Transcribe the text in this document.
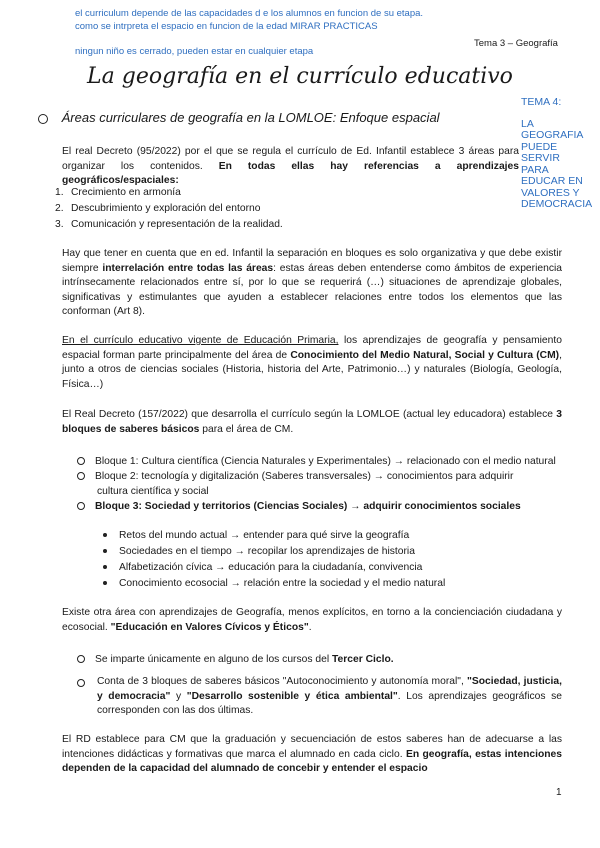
el curriculum depende de las capacidades d e los alumnos en funcion de su etapa.
como se intrpreta el espacio en funcion de la edad MIRAR PRACTICAS
ningun niño es cerrado, pueden estar en cualquier etapa
Tema 3 – Geografía
La geografía en el currículo educativo
Áreas curriculares de geografía en la LOMLOE: Enfoque espacial
TEMA 4:
LA
GEOGRAFIA
PUEDE
SERVIR
PARA
EDUCAR EN
VALORES Y
DEMOCRACIA
El real Decreto (95/2022) por el que se regula el currículo de Ed. Infantil establece 3 áreas para organizar los contenidos. En todas ellas hay referencias a aprendizajes geográficos/espaciales:
1. Crecimiento en armonía
2. Descubrimiento y exploración del entorno
3. Comunicación y representación de la realidad.
Hay que tener en cuenta que en ed. Infantil la separación en bloques es solo organizativa y que debe existir siempre interrelación entre todas las áreas: estas áreas deben entenderse como ámbitos de experiencia intrínsecamente relacionados entre sí, por lo que se requerirá (…) situaciones de aprendizaje globales, significativas y estimulantes que ayuden a establecer relaciones entre todos los elementos que las conforman (Art 8).
En el currículo educativo vigente de Educación Primaria, los aprendizajes de geografía y pensamiento espacial forman parte principalmente del área de Conocimiento del Medio Natural, Social y Cultura (CM), junto a otros de ciencias sociales (Historia, historia del Arte, Patrimonio…) y naturales (Biología, Geología, Física…)
El Real Decreto (157/2022) que desarrolla el currículo según la LOMLOE (actual ley educadora) establece 3 bloques de saberes básicos para el área de CM.
Bloque 1: Cultura científica (Ciencia Naturales y Experimentales) → relacionado con el medio natural
Bloque 2: tecnología y digitalización (Saberes transversales) → conocimientos para adquirir
cultura científica y social
Bloque 3: Sociedad y territorios (Ciencias Sociales) → adquirir conocimientos sociales
Retos del mundo actual → entender para qué sirve la geografía
Sociedades en el tiempo → recopilar los aprendizajes de historia
Alfabetización cívica → educación para la ciudadanía, convivencia
Conocimiento ecosocial → relación entre la sociedad y el medio natural
Existe otra área con aprendizajes de Geografía, menos explícitos, en torno a la concienciación ciudadana y ecosocial. "Educación en Valores Cívicos y Éticos".
Se imparte únicamente en alguno de los cursos del Tercer Ciclo.
Conta de 3 bloques de saberes básicos "Autoconocimiento y autonomía moral", "Sociedad, justicia, y democracia" y "Desarrollo sostenible y ética ambiental". Los aprendizajes geográficos se corresponden con las dos últimas.
El RD establece para CM que la graduación y secuenciación de estos saberes han de adecuarse a las intenciones didácticas y formativas que marca el alumnado en cada ciclo. En geografía, estas intenciones dependen de la capacidad del alumnado de concebir y entender el espacio
1
